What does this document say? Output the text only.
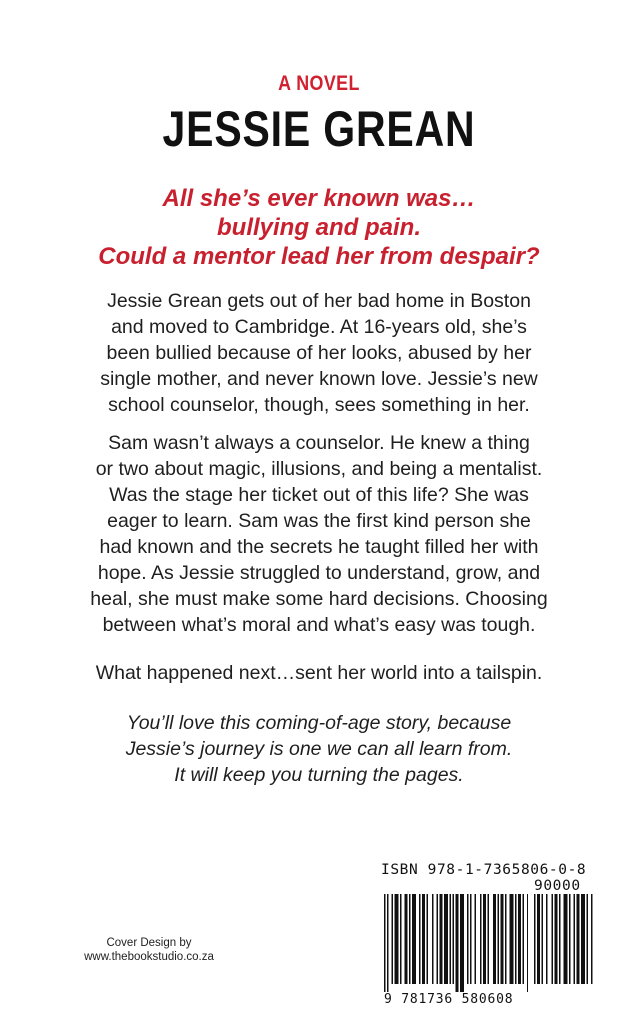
A NOVEL
JESSIE GREAN
All she’s ever known was…
bullying and pain.
Could a mentor lead her from despair?
Jessie Grean gets out of her bad home in Boston
and moved to Cambridge. At 16-years old, she’s
been bullied because of her looks, abused by her
single mother, and never known love. Jessie’s new
school counselor, though, sees something in her.
Sam wasn’t always a counselor. He knew a thing
or two about magic, illusions, and being a mentalist.
Was the stage her ticket out of this life? She was
eager to learn. Sam was the first kind person she
had known and the secrets he taught filled her with
hope. As Jessie struggled to understand, grow, and
heal, she must make some hard decisions. Choosing
between what’s moral and what’s easy was tough.
What happened next…sent her world into a tailspin.
You’ll love this coming-of-age story, because
Jessie’s journey is one we can all learn from.
It will keep you turning the pages.
Cover Design by
www.thebookstudio.co.za
ISBN 978-1-7365806-0-8
90000
9 781736 580608
